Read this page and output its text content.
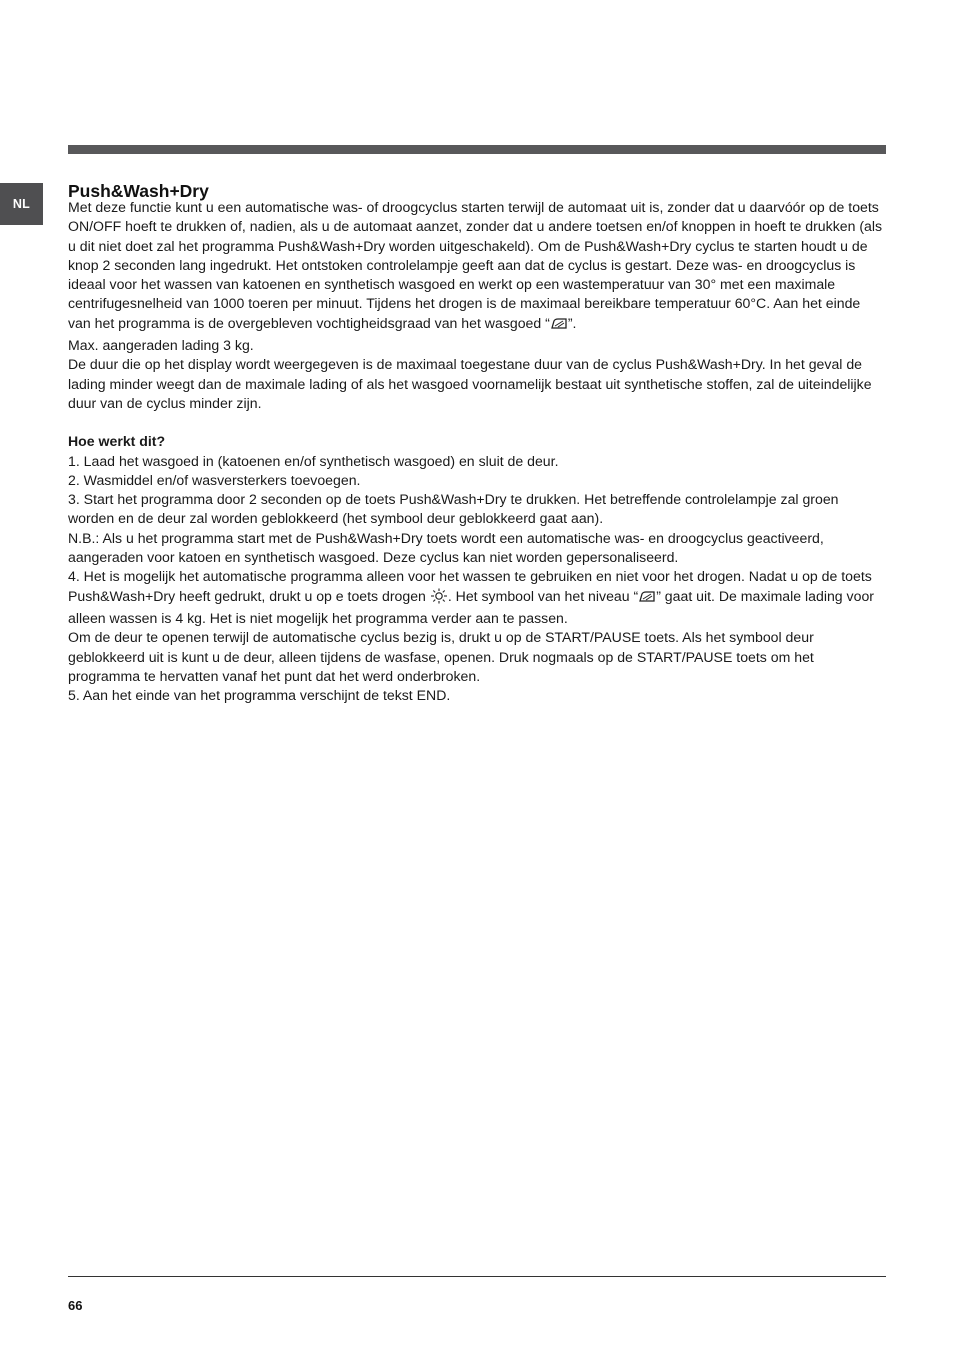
NL
Push&Wash+Dry

Met deze functie kunt u een automatische was- of droogcyclus starten terwijl de automaat uit is, zonder dat u daarvóór op de toets ON/OFF hoeft te drukken of, nadien, als u de automaat aanzet, zonder dat u andere toetsen en/of knoppen in hoeft te drukken (als u dit niet doet zal het programma Push&Wash+Dry worden uitgeschakeld). Om de Push&Wash+Dry cyclus te starten houdt u de knop 2 seconden lang ingedrukt. Het ontstoken controlelampje geeft aan dat de cyclus is gestart. Deze was- en droogcyclus is ideaal voor het wassen van katoenen en synthetisch wasgoed en werkt op een wastemperatuur van 30° met een maximale centrifugesnelheid van 1000 toeren per minuut. Tijdens het drogen is de maximaal bereikbare temperatuur 60°C. Aan het einde van het programma is de overgebleven vochtigheidsgraad van het wasgoed “ ”.

Max. aangeraden lading 3 kg.

De duur die op het display wordt weergegeven is de maximaal toegestane duur van de cyclus Push&Wash+Dry. In het geval de lading minder weegt dan de maximale lading of als het wasgoed voornamelijk bestaat uit synthetische stoffen, zal de uiteindelijke duur van de cyclus minder zijn.

Hoe werkt dit?

1. Laad het wasgoed in (katoenen en/of synthetisch wasgoed) en sluit de deur.

2. Wasmiddel en/of wasversterkers toevoegen.

3. Start het programma door 2 seconden op de toets Push&Wash+Dry te drukken. Het betreffende controlelampje zal groen worden en de deur zal worden geblokkeerd (het symbool deur geblokkeerd gaat aan).

N.B.: Als u het programma start met de Push&Wash+Dry toets wordt een automatische was- en droogcyclus geactiveerd, aangeraden voor katoen en synthetisch wasgoed. Deze cyclus kan niet worden gepersonaliseerd.

4. Het is mogelijk het automatische programma alleen voor het wassen te gebruiken en niet voor het drogen. Nadat u op de toets Push&Wash+Dry heeft gedrukt, drukt u op e toets drogen . Het symbool van het niveau “ ” gaat uit. De maximale lading voor alleen wassen is 4 kg. Het is niet mogelijk het programma verder aan te passen.

Om de deur te openen terwijl de automatische cyclus bezig is, drukt u op de START/PAUSE toets. Als het symbool deur geblokkeerd uit is kunt u de deur, alleen tijdens de wasfase, openen. Druk nogmaals op de START/PAUSE toets om het programma te hervatten vanaf het punt dat het werd onderbroken.

5. Aan het einde van het programma verschijnt de tekst END.

66
